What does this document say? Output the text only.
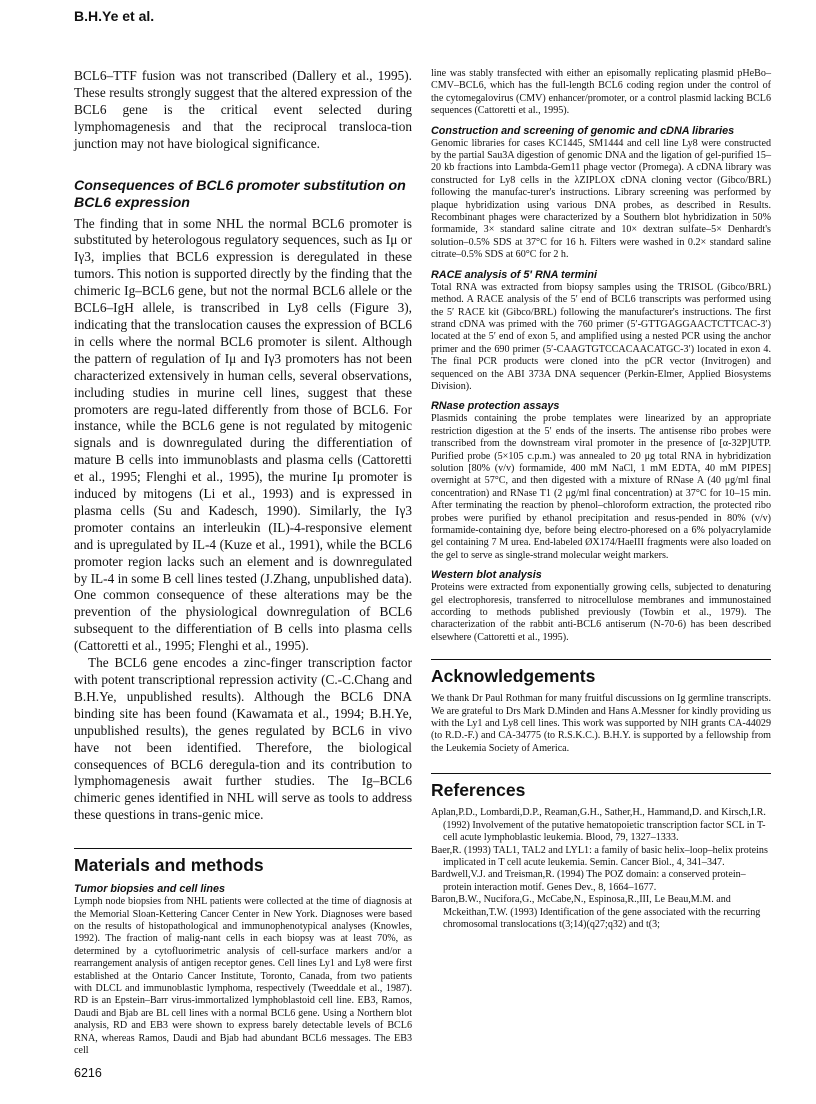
B.H.Ye et al.

BCL6–TTF fusion was not transcribed (Dallery et al., 1995). These results strongly suggest that the altered expression of the BCL6 gene is the critical event selected during lymphomagenesis and that the reciprocal transloca-tion junction may not have biological significance.

Consequences of BCL6 promoter substitution on BCL6 expression

The finding that in some NHL the normal BCL6 promoter is substituted by heterologous regulatory sequences, such as Iμ or Iγ3, implies that BCL6 expression is deregulated in these tumors. This notion is supported directly by the finding that the chimeric Ig–BCL6 gene, but not the normal BCL6 allele or the BCL6–IgH allele, is transcribed in Ly8 cells (Figure 3), indicating that the translocation causes the expression of BCL6 in cells where the normal BCL6 promoter is silent. Although the pattern of regulation of Iμ and Iγ3 promoters has not been characterized extensively in human cells, several observations, including studies in murine cell lines, suggest that these promoters are regu-lated differently from those of BCL6. For instance, while the BCL6 gene is not regulated by mitogenic signals and is downregulated during the differentiation of mature B cells into immunoblasts and plasma cells (Cattoretti et al., 1995; Flenghi et al., 1995), the murine Iμ promoter is induced by mitogens (Li et al., 1993) and is expressed in plasma cells (Su and Kadesch, 1990). Similarly, the Iγ3 promoter contains an interleukin (IL)-4-responsive element and is upregulated by IL-4 (Kuze et al., 1991), while the BCL6 promoter region lacks such an element and is downregulated by IL-4 in some B cell lines tested (J.Zhang, unpublished data). One common consequence of these alterations may be the prevention of the physiological downregulation of BCL6 subsequent to the differentiation of B cells into plasma cells (Cattoretti et al., 1995; Flenghi et al., 1995).

The BCL6 gene encodes a zinc-finger transcription factor with potent transcriptional repression activity (C.-C.Chang and B.H.Ye, unpublished results). Although the BCL6 DNA binding site has been found (Kawamata et al., 1994; B.H.Ye, unpublished results), the genes regulated by BCL6 in vivo have not been identified. Therefore, the biological consequences of BCL6 deregula-tion and its contribution to lymphomagenesis await further studies. The Ig–BCL6 chimeric genes identified in NHL will serve as tools to address these questions in trans-genic mice.

Materials and methods
Tumor biopsies and cell lines

Lymph node biopsies from NHL patients were collected at the time of diagnosis at the Memorial Sloan-Kettering Cancer Center in New York. Diagnoses were based on the results of histopathological and immunophenotypical analyses (Knowles, 1992). The fraction of malig-nant cells in each biopsy was at least 70%, as determined by a cytofluorimetric analysis of cell-surface markers and/or a rearrangement analysis of antigen receptor genes. Cell lines Ly1 and Ly8 were first established at the Ontario Cancer Institute, Toronto, Canada, from two patients with DLCL and immunoblastic lymphoma, respectively (Tweeddale et al., 1987). RD is an Epstein–Barr virus-immortalized lymphoblastoid cell line. EB3, Ramos, Daudi and Bjab are BL cell lines with a normal BCL6 gene. Using a Northern blot analysis, RD and EB3 were shown to express barely detectable levels of BCL6 RNA, whereas Ramos, Daudi and Bjab had abundant BCL6 messages. The EB3 cell

line was stably transfected with either an episomally replicating plasmid pHeBo–CMV–BCL6, which has the full-length BCL6 coding region under the control of the cytomegalovirus (CMV) enhancer/promoter, or a control plasmid lacking BCL6 sequences (Cattoretti et al., 1995).

Construction and screening of genomic and cDNA libraries

Genomic libraries for cases KC1445, SM1444 and cell line Ly8 were constructed by the partial Sau3A digestion of genomic DNA and the ligation of gel-purified 15–20 kb fractions into Lambda-Gem11 phage vector (Promega). A cDNA library was constructed for Ly8 cells in the λZIPLOX cDNA cloning vector (Gibco/BRL) following the manufac-turer's instructions. Library screening was performed by plaque hybridization using various DNA probes, as described in Results. Recombinant phages were characterized by a Southern blot hybridization in 50% formamide, 3× standard saline citrate and 10× dextran sulfate–5× Denhardt's solution–0.5% SDS at 37°C for 16 h. Filters were washed in 0.2× standard saline citrate–0.5% SDS at 60°C for 2 h.

RACE analysis of 5′ RNA termini

Total RNA was extracted from biopsy samples using the TRISOL (Gibco/BRL) method. A RACE analysis of the 5′ end of BCL6 transcripts was performed using the 5′ RACE kit (Gibco/BRL) following the manufacturer's instructions. The first strand cDNA was primed with the 760 primer (5′-GTTGAGGAACTCTTCAC-3′) located at the 5′ end of exon 5, and amplified using a nested PCR using the anchor primer and the 690 primer (5′-CAAGTGTCCACAACATGC-3′) located in exon 4. The final PCR products were cloned into the pCR vector (Invitrogen) and sequenced on the ABI 373A DNA sequencer (Perkin-Elmer, Applied Biosystems Division).

RNase protection assays

Plasmids containing the probe templates were linearized by an appropriate restriction digestion at the 5′ ends of the inserts. The antisense ribo probes were transcribed from the downstream viral promoter in the presence of [α-32P]UTP. Purified probe (5×105 c.p.m.) was annealed to 20 μg total RNA in hybridization solution [80% (v/v) formamide, 400 mM NaCl, 1 mM EDTA, 40 mM PIPES] overnight at 57°C, and then digested with a mixture of RNase A (40 μg/ml final concentration) and RNase T1 (2 μg/ml final concentration) at 37°C for 10–15 min. After terminating the reaction by phenol–chloroform extraction, the protected ribo probes were purified by ethanol precipitation and resus-pended in 80% (v/v) formamide-containing dye, before being electro-phoresed on a 6% polyacrylamide gel containing 7 M urea. End-labeled ØX174/HaeIII fragments were also loaded on the gel to serve as single-strand molecular weight markers.

Western blot analysis

Proteins were extracted from exponentially growing cells, subjected to denaturing gel electrophoresis, transferred to nitrocellulose membranes and immunostained according to methods published previously (Towbin et al., 1979). The characterization of the rabbit anti-BCL6 antiserum (N-70-6) has been described elsewhere (Cattoretti et al., 1995).

Acknowledgements

We thank Dr Paul Rothman for many fruitful discussions on Ig germline transcripts. We are grateful to Drs Mark D.Minden and Hans A.Messner for kindly providing us with the Ly1 and Ly8 cell lines. This work was supported by NIH grants CA-44029 (to R.D.-F.) and CA-34775 (to R.S.K.C.). B.H.Y. is supported by a fellowship from the Leukemia Society of America.

References

Aplan,P.D., Lombardi,D.P., Reaman,G.H., Sather,H., Hammand,D. and Kirsch,I.R. (1992) Involvement of the putative hematopoietic transcription factor SCL in T-cell acute lymphoblastic leukemia. Blood, 79, 1327–1333.

Baer,R. (1993) TAL1, TAL2 and LYL1: a family of basic helix–loop–helix proteins implicated in T cell acute leukemia. Semin. Cancer Biol., 4, 341–347.

Bardwell,V.J. and Treisman,R. (1994) The POZ domain: a conserved protein–protein interaction motif. Genes Dev., 8, 1664–1677.

Baron,B.W., Nucifora,G., McCabe,N., Espinosa,R.,III, Le Beau,M.M. and Mckeithan,T.W. (1993) Identification of the gene associated with the recurring chromosomal translocations t(3;14)(q27;q32) and t(3;

6216
